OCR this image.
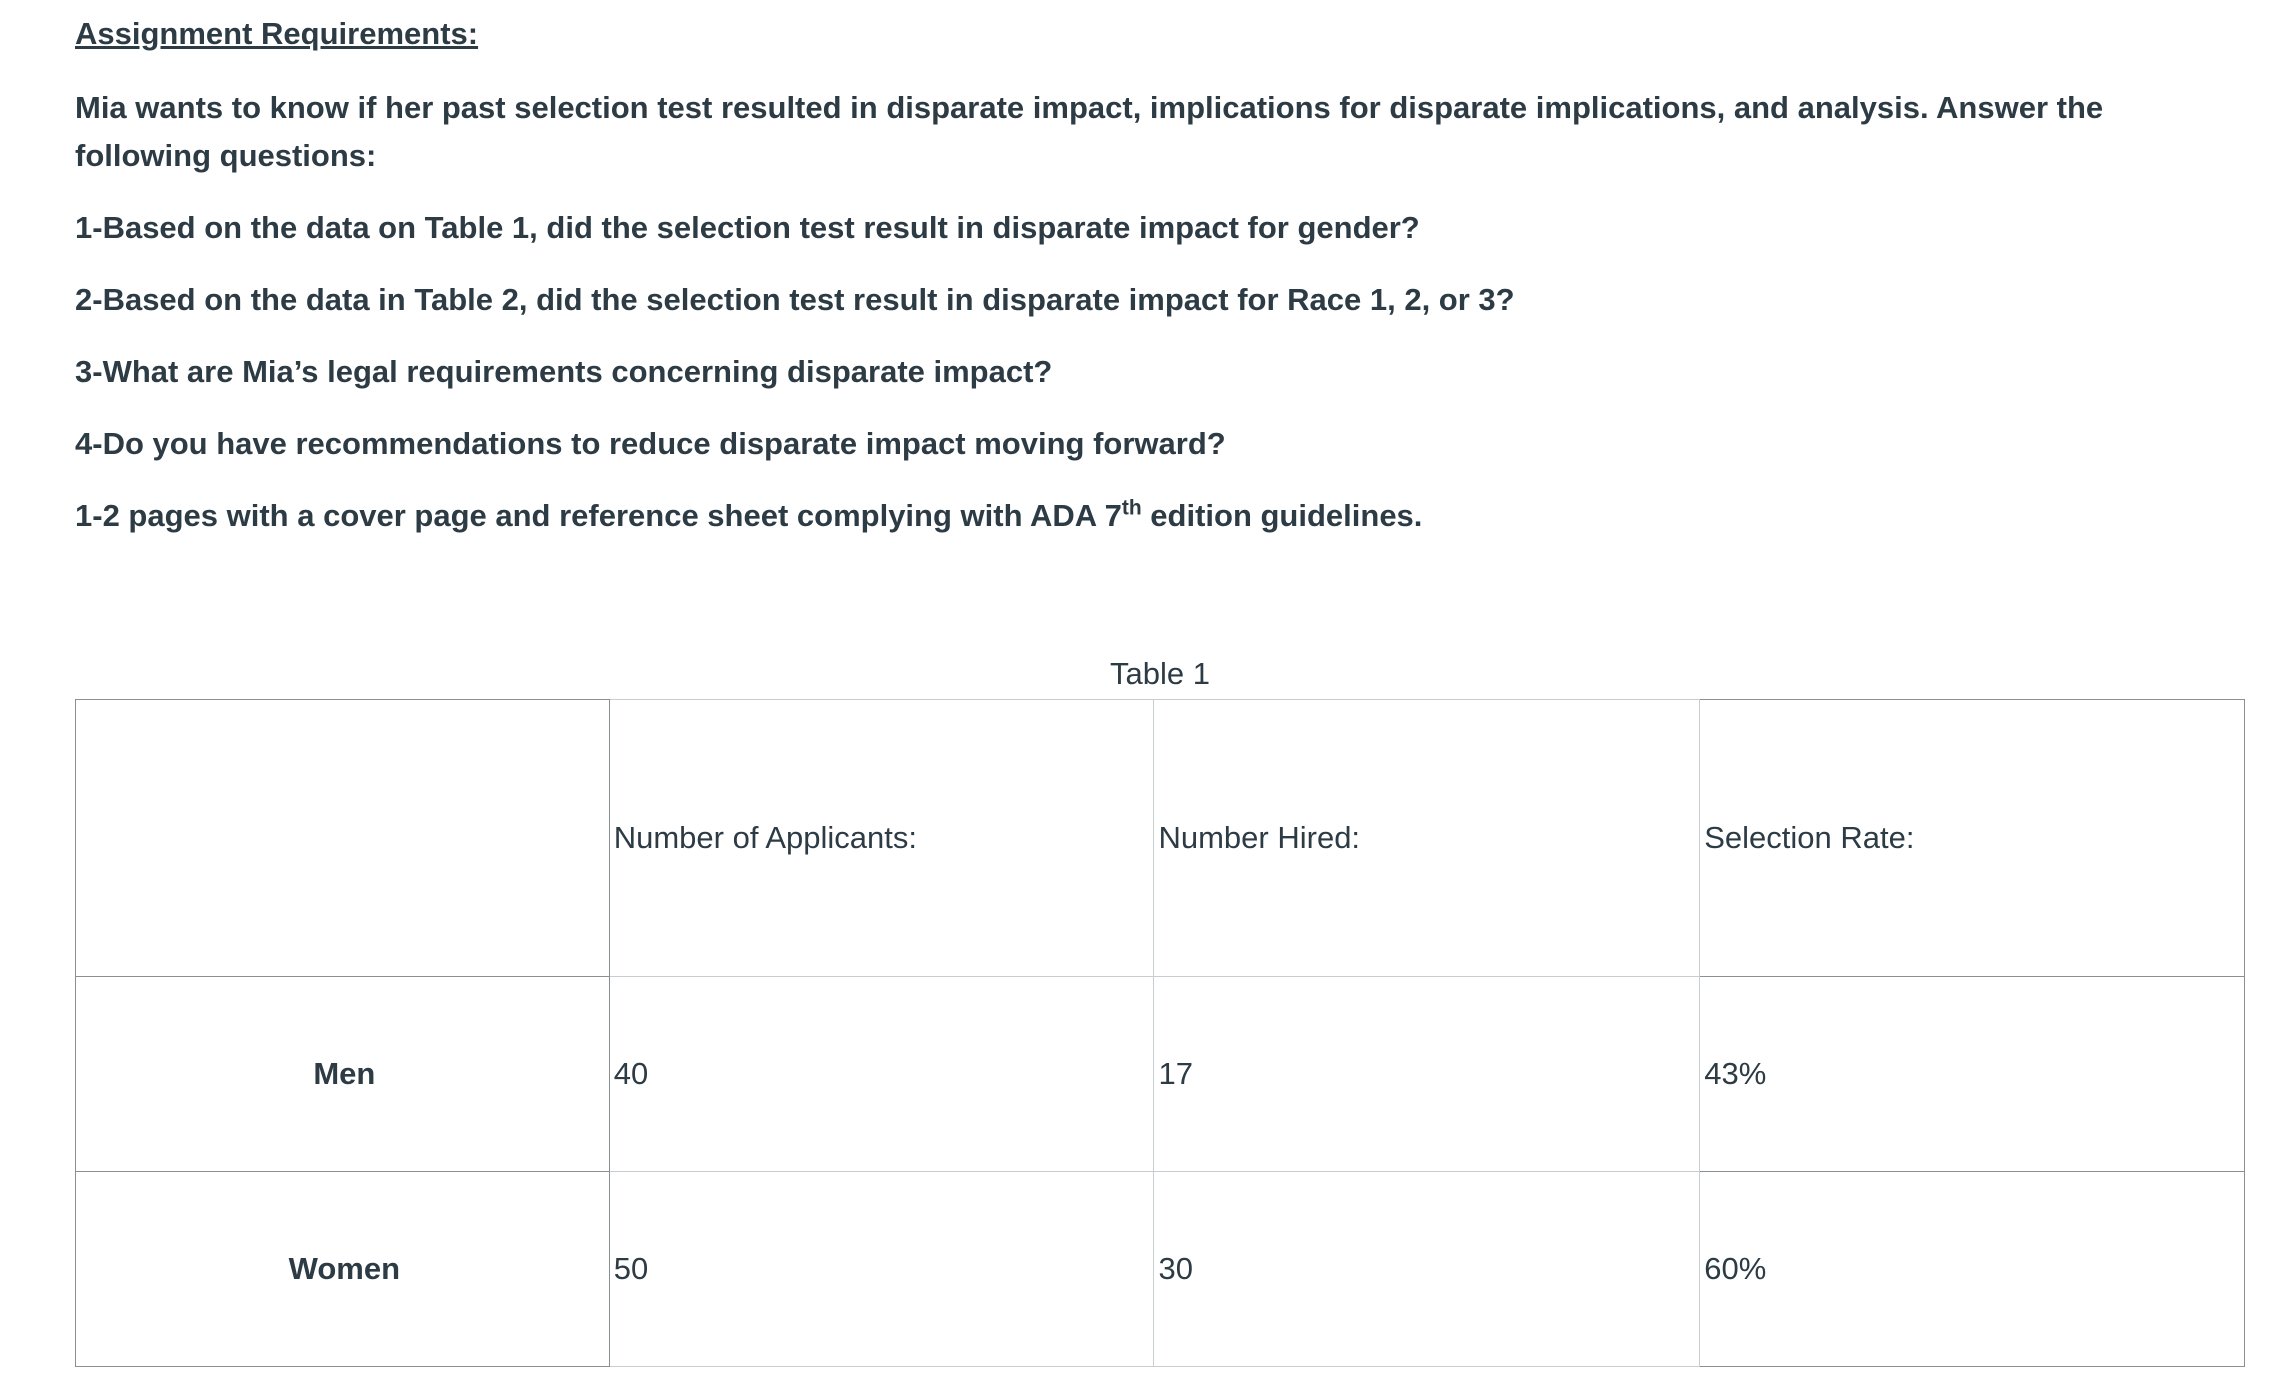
Assignment Requirements:

Mia wants to know if her past selection test resulted in disparate impact, implications for disparate implications, and analysis. Answer the following questions:

1-Based on the data on Table 1, did the selection test result in disparate impact for gender?

2-Based on the data in Table 2, did the selection test result in disparate impact for Race 1, 2, or 3?

3-What are Mia’s legal requirements concerning disparate impact?

4-Do you have recommendations to reduce disparate impact moving forward?

1-2 pages with a cover page and reference sheet complying with ADA 7th edition guidelines.

Table 1
	Number of Applicants:	Number Hired:	Selection Rate:
Men	40	17	43%
Women	50	30	60%
